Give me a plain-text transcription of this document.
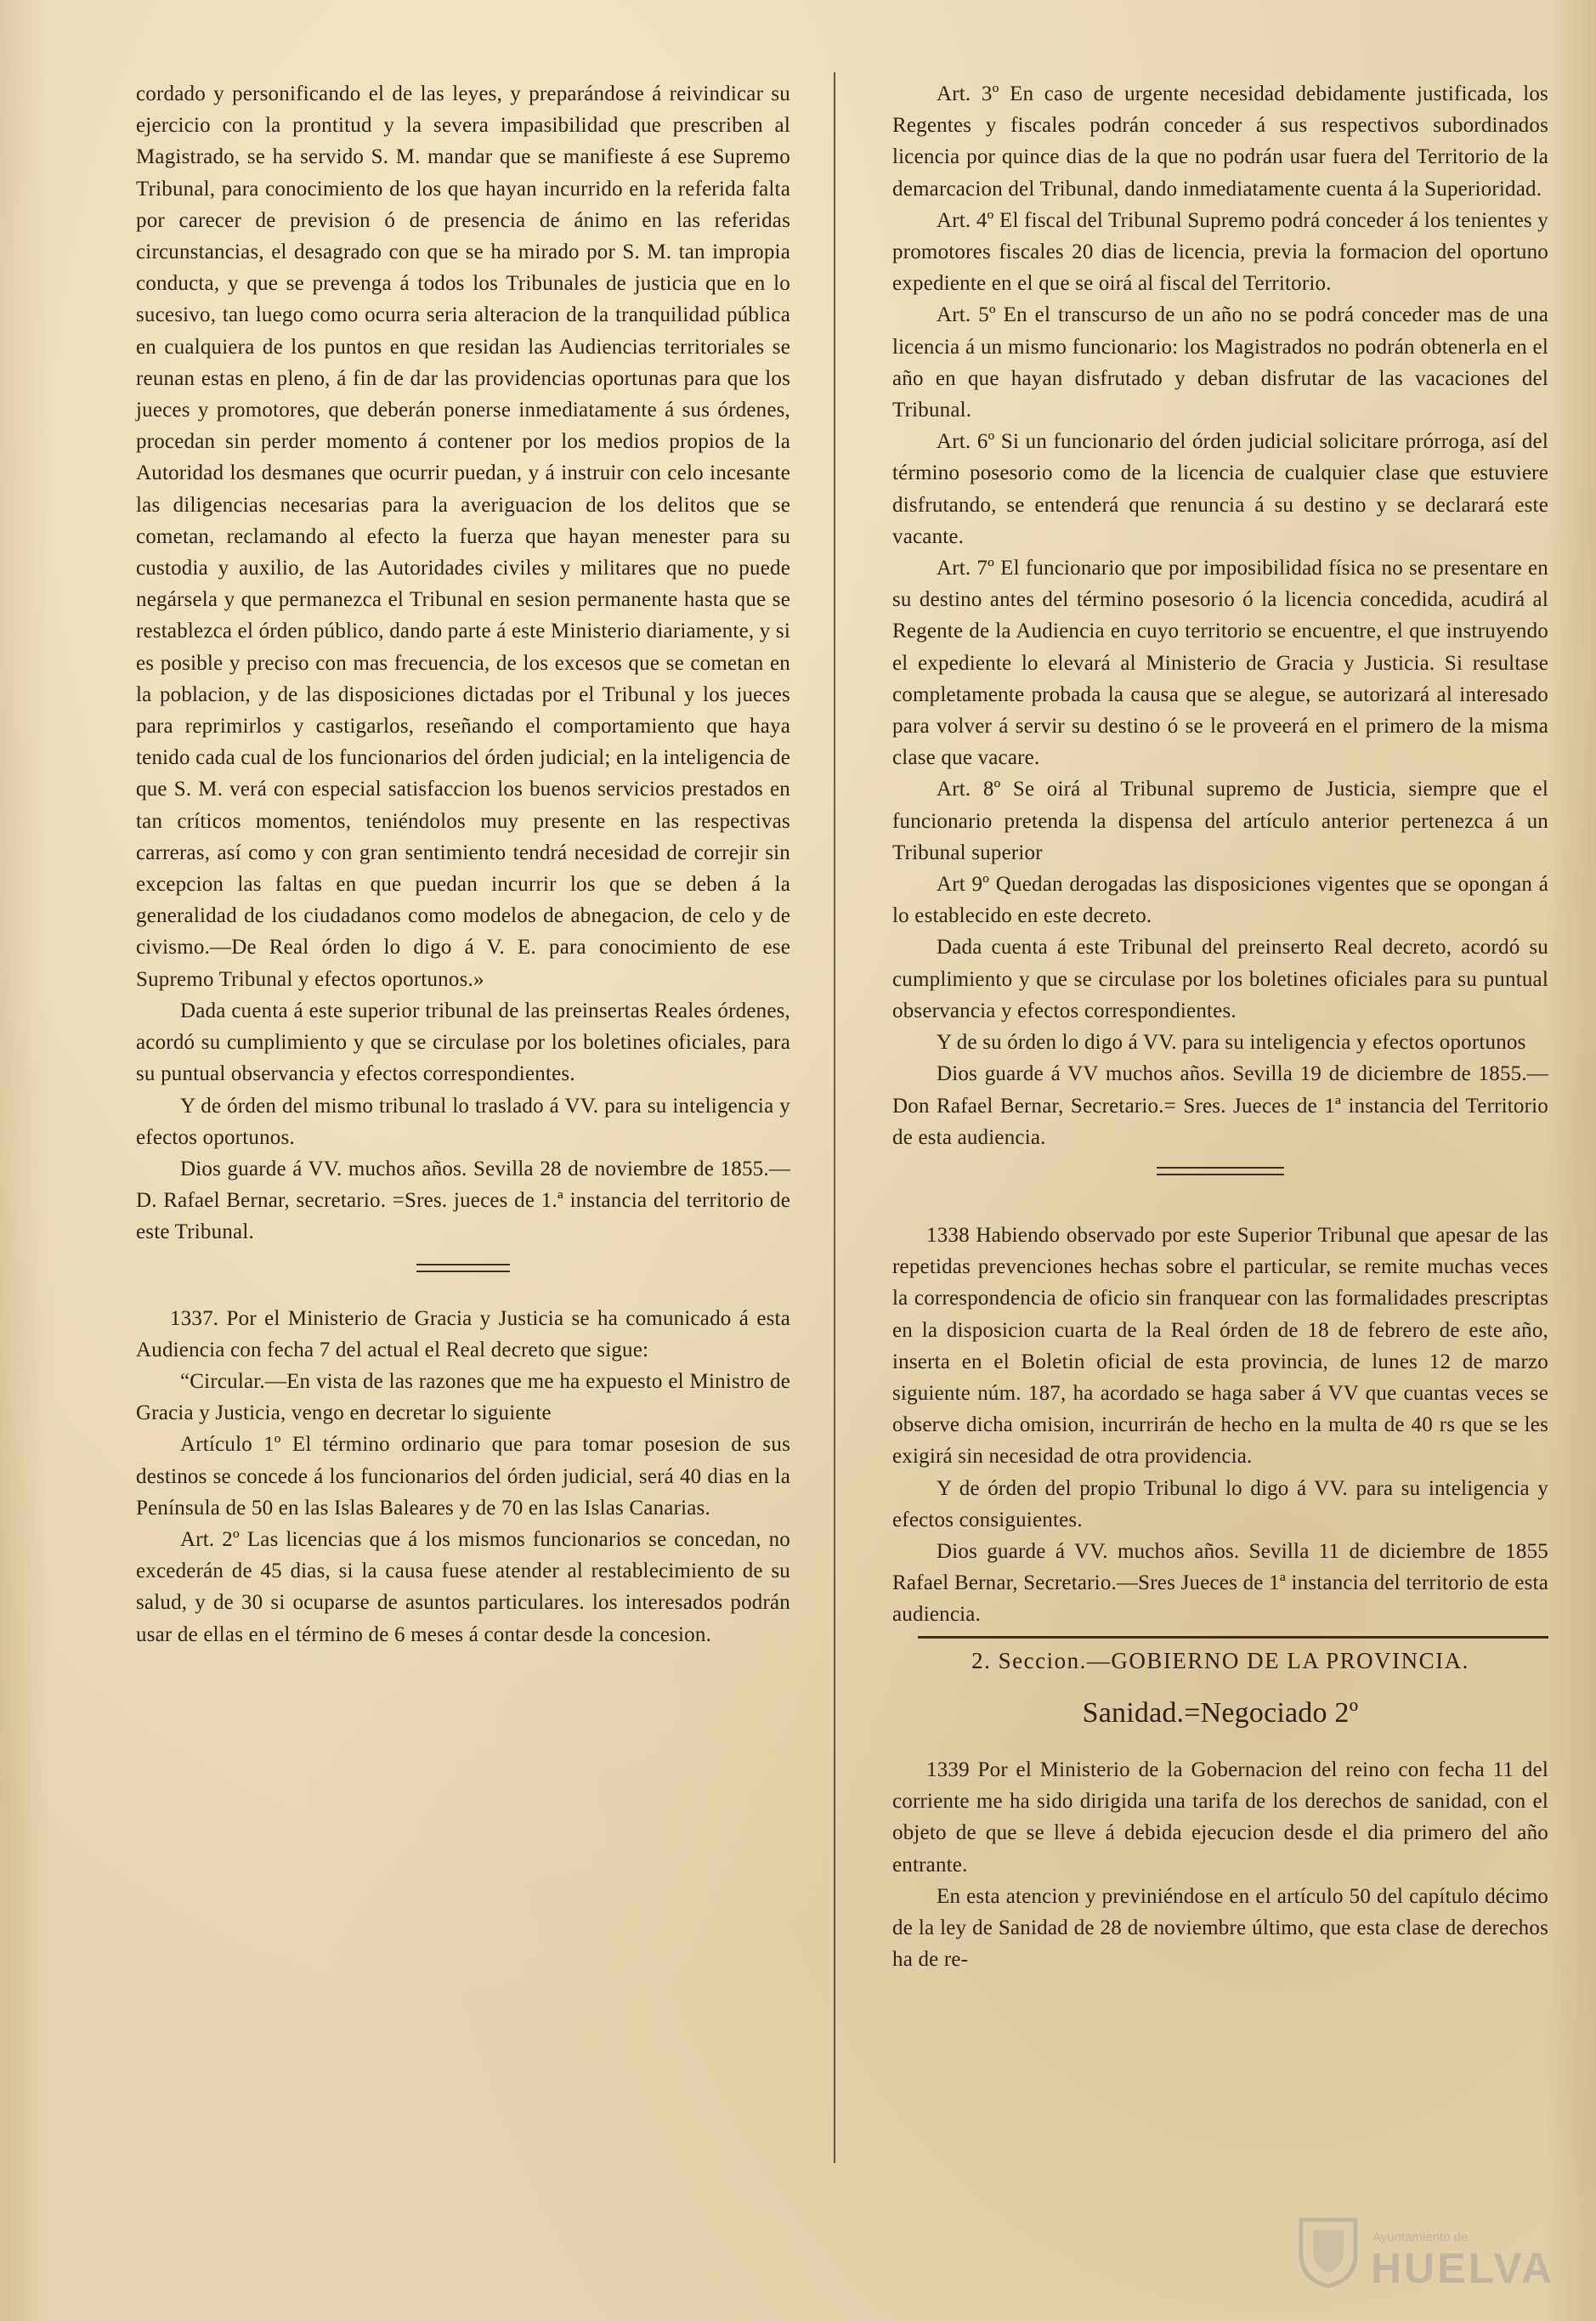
cordado y personificando el de las leyes, y preparándose á reivindicar su ejercicio con la prontitud y la severa impasibilidad que prescriben al Magistrado, se ha servido S. M. mandar que se manifieste á ese Supremo Tribunal, para conocimiento de los que hayan incurrido en la referida falta por carecer de prevision ó de presencia de ánimo en las referidas circunstancias, el desagrado con que se ha mirado por S. M. tan impropia conducta, y que se prevenga á todos los Tribunales de justicia que en lo sucesivo, tan luego como ocurra seria alteracion de la tranquilidad pública en cualquiera de los puntos en que residan las Audiencias territoriales se reunan estas en pleno, á fin de dar las providencias oportunas para que los jueces y promotores, que deberán ponerse inmediatamente á sus órdenes, procedan sin perder momento á contener por los medios propios de la Autoridad los desmanes que ocurrir puedan, y á instruir con celo incesante las diligencias necesarias para la averiguacion de los delitos que se cometan, reclamando al efecto la fuerza que hayan menester para su custodia y auxilio, de las Autoridades civiles y militares que no puede negársela y que permanezca el Tribunal en sesion permanente hasta que se restablezca el órden público, dando parte á este Ministerio diariamente, y si es posible y preciso con mas frecuencia, de los excesos que se cometan en la poblacion, y de las disposiciones dictadas por el Tribunal y los jueces para reprimirlos y castigarlos, reseñando el comportamiento que haya tenido cada cual de los funcionarios del órden judicial; en la inteligencia de que S. M. verá con especial satisfaccion los buenos servicios prestados en tan críticos momentos, teniéndolos muy presente en las respectivas carreras, así como y con gran sentimiento tendrá necesidad de correjir sin excepcion las faltas en que puedan incurrir los que se deben á la generalidad de los ciudadanos como modelos de abnegacion, de celo y de civismo.—De Real órden lo digo á V. E. para conocimiento de ese Supremo Tribunal y efectos oportunos.»

Dada cuenta á este superior tribunal de las preinsertas Reales órdenes, acordó su cumplimiento y que se circulase por los boletines oficiales, para su puntual observancia y efectos correspondientes.

Y de órden del mismo tribunal lo traslado á VV. para su inteligencia y efectos oportunos.

Dios guarde á VV. muchos años. Sevilla 28 de noviembre de 1855.—D. Rafael Bernar, secretario. =Sres. jueces de 1.ª instancia del territorio de este Tribunal.

1337. Por el Ministerio de Gracia y Justicia se ha comunicado á esta Audiencia con fecha 7 del actual el Real decreto que sigue:

“Circular.—En vista de las razones que me ha expuesto el Ministro de Gracia y Justicia, vengo en decretar lo siguiente

Artículo 1º El término ordinario que para tomar posesion de sus destinos se concede á los funcionarios del órden judicial, será 40 dias en la Península de 50 en las Islas Baleares y de 70 en las Islas Canarias.

Art. 2º Las licencias que á los mismos funcionarios se concedan, no excederán de 45 dias, si la causa fuese atender al restablecimiento de su salud, y de 30 si ocuparse de asuntos particulares. los interesados podrán usar de ellas en el término de 6 meses á contar desde la concesion.

Art. 3º En caso de urgente necesidad debidamente justificada, los Regentes y fiscales podrán conceder á sus respectivos subordinados licencia por quince dias de la que no podrán usar fuera del Territorio de la demarcacion del Tribunal, dando inmediatamente cuenta á la Superioridad.

Art. 4º El fiscal del Tribunal Supremo podrá conceder á los tenientes y promotores fiscales 20 dias de licencia, previa la formacion del oportuno expediente en el que se oirá al fiscal del Territorio.

Art. 5º En el transcurso de un año no se podrá conceder mas de una licencia á un mismo funcionario: los Magistrados no podrán obtenerla en el año en que hayan disfrutado y deban disfrutar de las vacaciones del Tribunal.

Art. 6º Si un funcionario del órden judicial solicitare prórroga, así del término posesorio como de la licencia de cualquier clase que estuviere disfrutando, se entenderá que renuncia á su destino y se declarará este vacante.

Art. 7º El funcionario que por imposibilidad física no se presentare en su destino antes del término posesorio ó la licencia concedida, acudirá al Regente de la Audiencia en cuyo territorio se encuentre, el que instruyendo el expediente lo elevará al Ministerio de Gracia y Justicia. Si resultase completamente probada la causa que se alegue, se autorizará al interesado para volver á servir su destino ó se le proveerá en el primero de la misma clase que vacare.

Art. 8º Se oirá al Tribunal supremo de Justicia, siempre que el funcionario pretenda la dispensa del artículo anterior pertenezca á un Tribunal superior

Art 9º Quedan derogadas las disposiciones vigentes que se opongan á lo establecido en este decreto.

Dada cuenta á este Tribunal del preinserto Real decreto, acordó su cumplimiento y que se circulase por los boletines oficiales para su puntual observancia y efectos correspondientes.

Y de su órden lo digo á VV. para su inteligencia y efectos oportunos

Dios guarde á VV muchos años. Sevilla 19 de diciembre de 1855.—Don Rafael Bernar, Secretario.= Sres. Jueces de 1ª instancia del Territorio de esta audiencia.

1338 Habiendo observado por este Superior Tribunal que apesar de las repetidas prevenciones hechas sobre el particular, se remite muchas veces la correspondencia de oficio sin franquear con las formalidades prescriptas en la disposicion cuarta de la Real órden de 18 de febrero de este año, inserta en el Boletin oficial de esta provincia, de lunes 12 de marzo siguiente núm. 187, ha acordado se haga saber á VV que cuantas veces se observe dicha omision, incurrirán de hecho en la multa de 40 rs que se les exigirá sin necesidad de otra providencia.

Y de órden del propio Tribunal lo digo á VV. para su inteligencia y efectos consiguientes.

Dios guarde á VV. muchos años. Sevilla 11 de diciembre de 1855 Rafael Bernar, Secretario.—Sres Jueces de 1ª instancia del territorio de esta audiencia.

2. Seccion.—GOBIERNO DE LA PROVINCIA.

Sanidad.=Negociado 2º

1339 Por el Ministerio de la Gobernacion del reino con fecha 11 del corriente me ha sido dirigida una tarifa de los derechos de sanidad, con el objeto de que se lleve á debida ejecucion desde el dia primero del año entrante.

En esta atencion y previniéndose en el artículo 50 del capítulo décimo de la ley de Sanidad de 28 de noviembre último, que esta clase de derechos ha de re-

Ayuntamiento de
HUELVA
